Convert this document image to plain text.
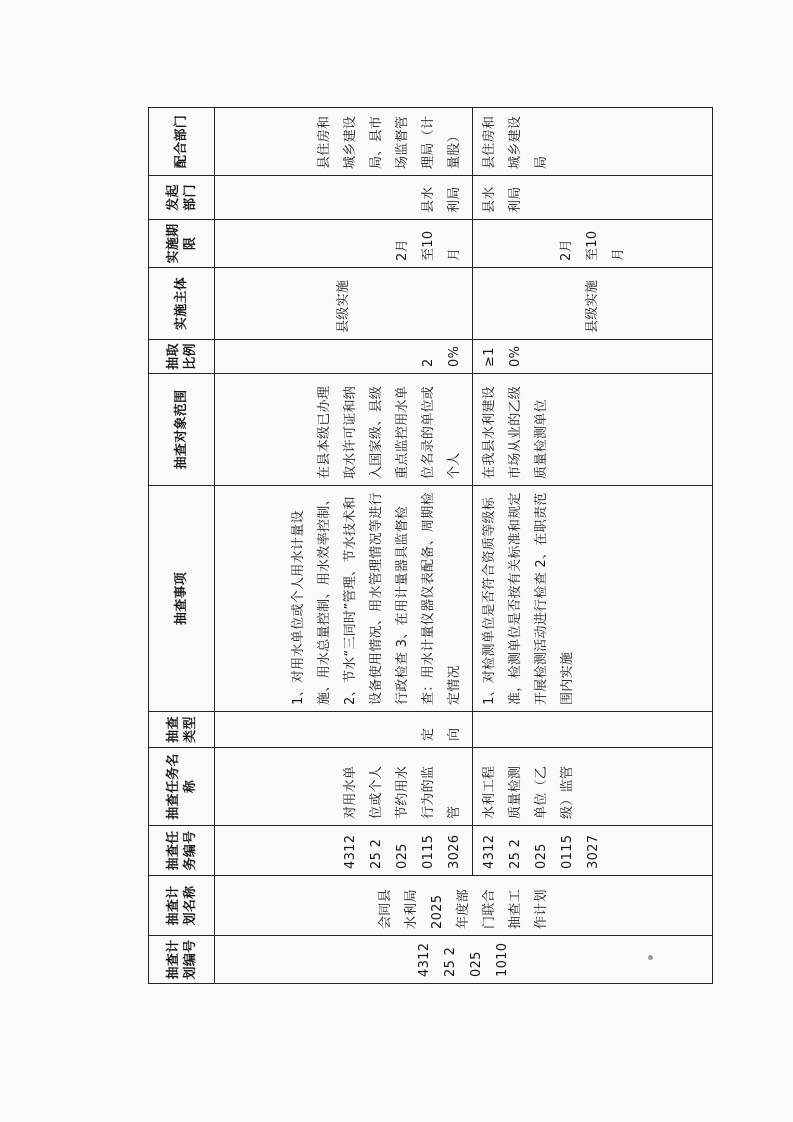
抽查计划编号	抽查计划名称	抽查任务编号	抽查任务名称	抽查类型	抽查事项	抽查对象范围	抽取比例	实施主体	实施期限	发起部门	配合部门
431225 2025 1010	会同县水利局2025年度部门联合抽查工作计划	431225 2025 0115 3026	对用水单位或个人节约用水行为的监管	定向	1、对用水单位或个人用水计量设施、用水总量控制、用水效率控制、2、节水“三同时”管理、节水技术和设备使用情况、用水管理情况等进行行政检查 3、在用计量器具监督检查：用水计量仪器仪表配备、周期检定情况	在县本级已办理取水许可证和纳入国家级、县级重点监控用水单位名录的单位或个人	20%	县级实施	2月至10月	县水利局	县住房和城乡建设局、县市场监督管理局（计量股）
		431225 2025 0115 3027	水利工程质量检测单位（乙级）监管		1、对检测单位是否符合资质等级标准，检测单位是否按有关标准和规定开展检测活动进行检查 2、在职责范围内实施	在我县水利建设市场从业的乙级质量检测单位	≥10%	县级实施	2月至10月	县水利局	县住房和城乡建设局
